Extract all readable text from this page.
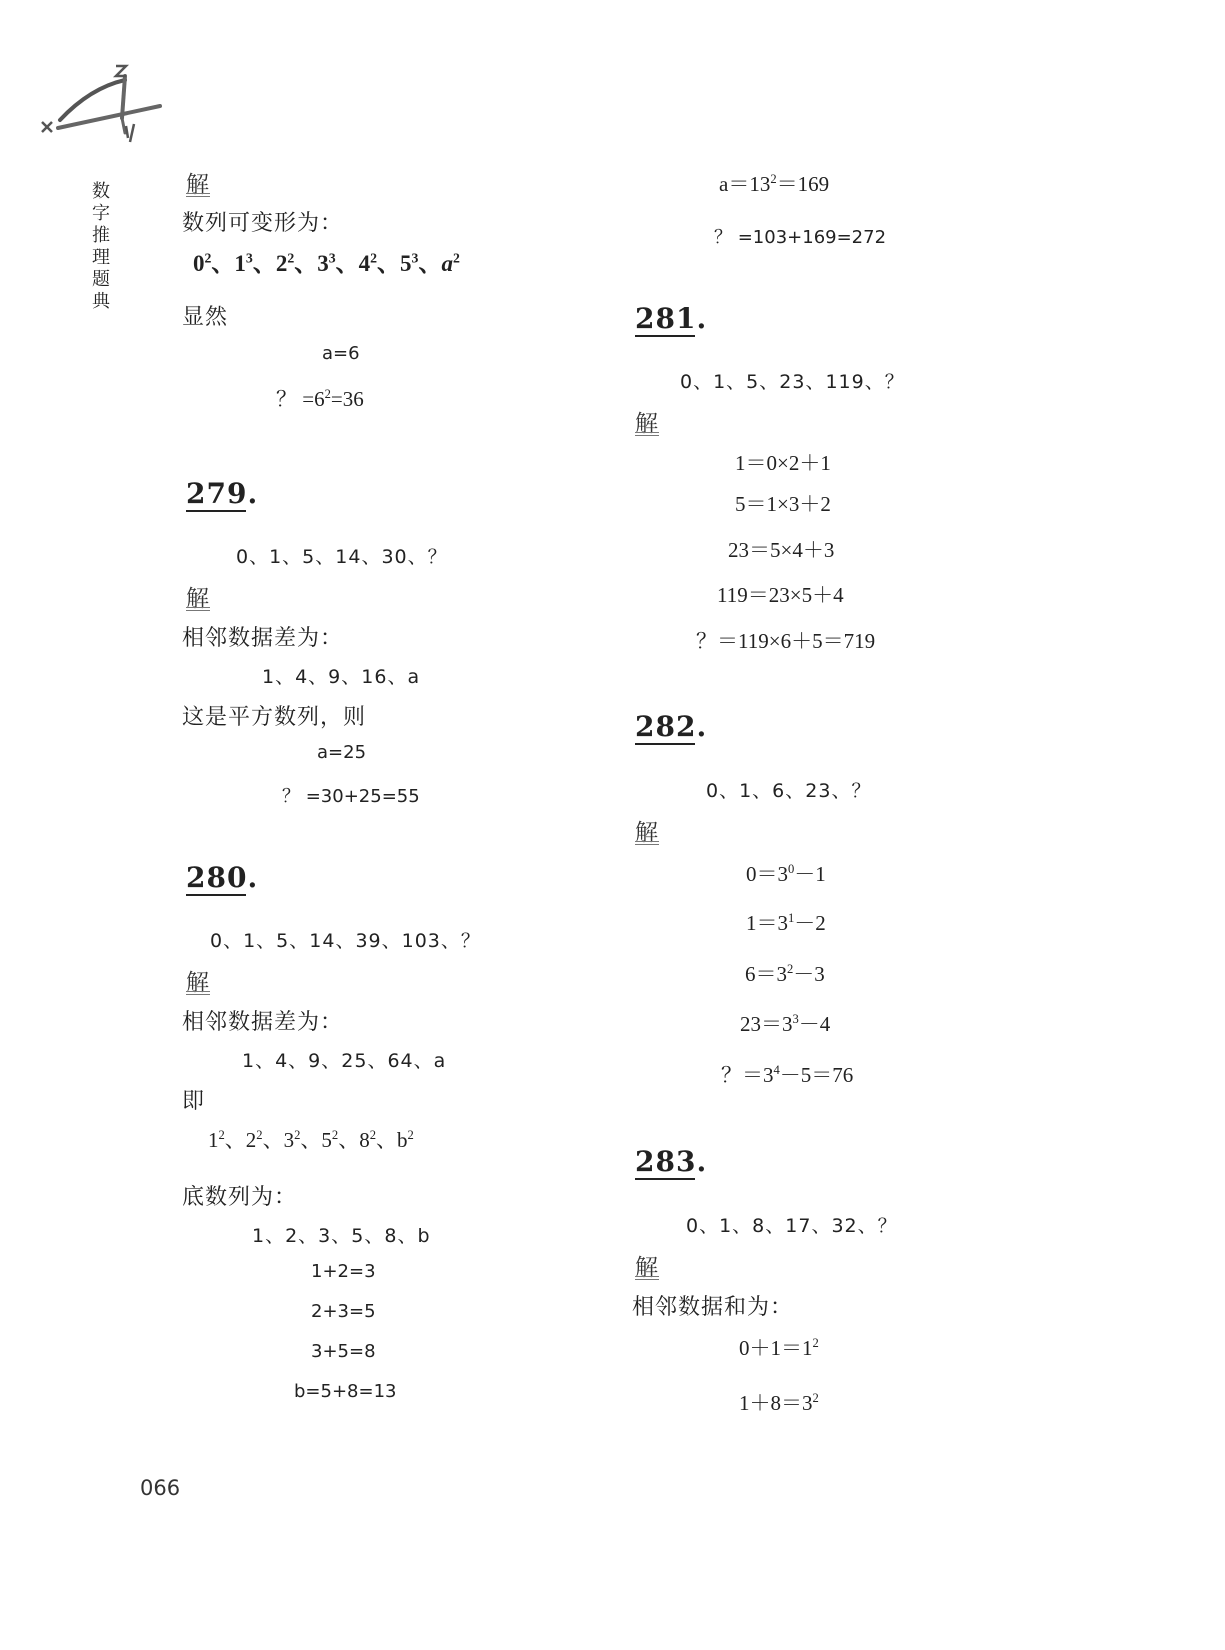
数字推理题典
解
数列可变形为：
$0^2$、$1^3$、$2^2$、$3^3$、$4^2$、$5^3$、$a^2$
显然
a=6
？ $=6^2=36$
279.
0、1、5、14、30、？
解
相邻数据差为：
1、4、9、16、a
这是平方数列，则
a=25
？ =30+25=55
280.
0、1、5、14、39、103、？
解
相邻数据差为：
1、4、9、25、64、a
即
$1^2$、$2^2$、$3^2$、$5^2$、$8^2$、$b^2$
底数列为：
1、2、3、5、8、b
1+2=3
2+3=5
3+5=8
b=5+8=13
$a=13^2=169$
？ =103+169=272
281.
0、1、5、23、119、？
解
1＝0×2＋1
5＝1×3＋2
23＝5×4＋3
119＝23×5＋4
？＝119×6＋5＝719
282.
0、1、6、23、？
解
$0=3^0-1$
$1=3^1-2$
$6=3^2-3$
$23=3^3-4$
？$=3^4-5=76$
283.
0、1、8、17、32、？
解
相邻数据和为：
$0+1=1^2$
$1+8=3^2$
066
